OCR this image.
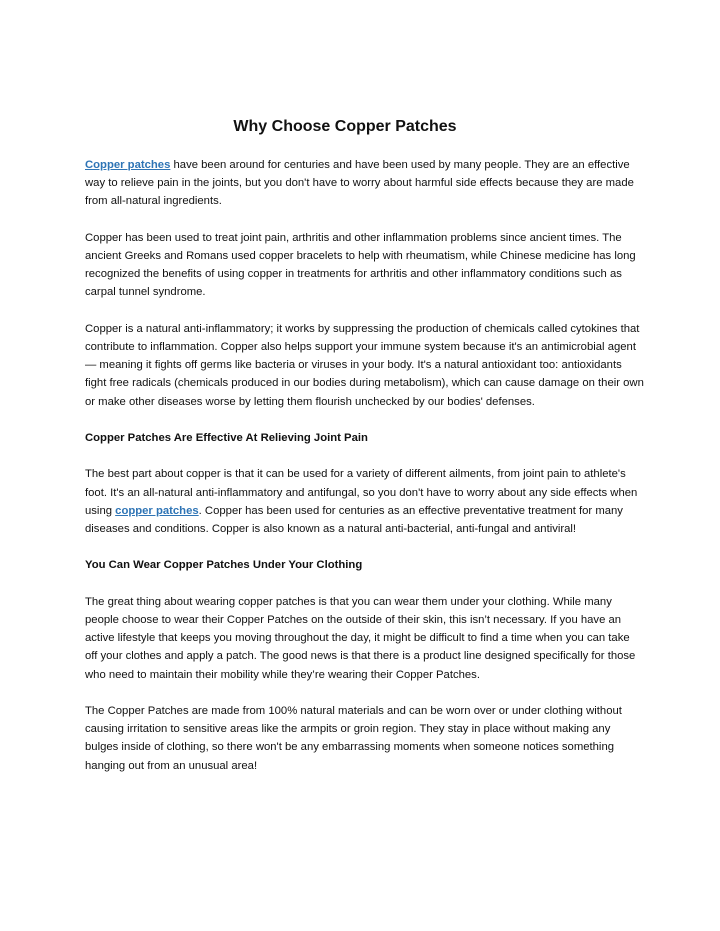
Why Choose Copper Patches

Copper patches have been around for centuries and have been used by many people. They are an effective way to relieve pain in the joints, but you don't have to worry about harmful side effects because they are made from all-natural ingredients.

Copper has been used to treat joint pain, arthritis and other inflammation problems since ancient times. The ancient Greeks and Romans used copper bracelets to help with rheumatism, while Chinese medicine has long recognized the benefits of using copper in treatments for arthritis and other inflammatory conditions such as carpal tunnel syndrome.

Copper is a natural anti-inflammatory; it works by suppressing the production of chemicals called cytokines that contribute to inflammation. Copper also helps support your immune system because it's an antimicrobial agent — meaning it fights off germs like bacteria or viruses in your body. It's a natural antioxidant too: antioxidants fight free radicals (chemicals produced in our bodies during metabolism), which can cause damage on their own or make other diseases worse by letting them flourish unchecked by our bodies' defenses.

Copper Patches Are Effective At Relieving Joint Pain

The best part about copper is that it can be used for a variety of different ailments, from joint pain to athlete's foot. It's an all-natural anti-inflammatory and antifungal, so you don't have to worry about any side effects when using copper patches. Copper has been used for centuries as an effective preventative treatment for many diseases and conditions. Copper is also known as a natural anti-bacterial, anti-fungal and antiviral!

You Can Wear Copper Patches Under Your Clothing

The great thing about wearing copper patches is that you can wear them under your clothing. While many people choose to wear their Copper Patches on the outside of their skin, this isn’t necessary. If you have an active lifestyle that keeps you moving throughout the day, it might be difficult to find a time when you can take off your clothes and apply a patch. The good news is that there is a product line designed specifically for those who need to maintain their mobility while they’re wearing their Copper Patches.

The Copper Patches are made from 100% natural materials and can be worn over or under clothing without causing irritation to sensitive areas like the armpits or groin region. They stay in place without making any bulges inside of clothing, so there won't be any embarrassing moments when someone notices something hanging out from an unusual area!
